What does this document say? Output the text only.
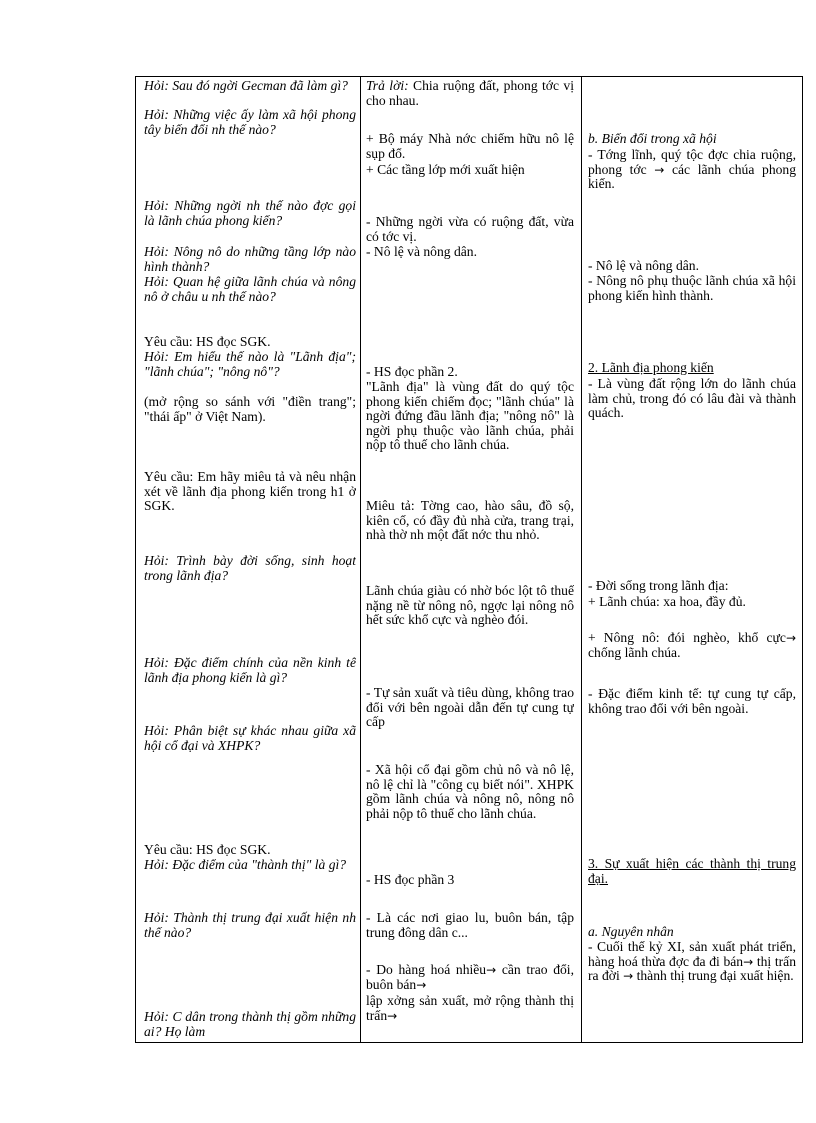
Hỏi: Sau đó ngời Gecman đã làm gì?
Hỏi: Những việc ấy làm xã hội phong tây biến đổi nh thế nào?
Hỏi: Những ngời nh thế nào đợc gọi là lãnh chúa phong kiến?
Hỏi: Nông nô do những tầng lớp nào hình thành?
Hỏi: Quan hệ giữa lãnh chúa và nông nô ở châu u nh thế nào?
Yêu cầu: HS đọc SGK.
Hỏi: Em hiểu thế nào là "Lãnh địa"; "lãnh chúa"; "nông nô"?
(mở rộng so sánh với "điền trang"; "thái ấp" ở Việt Nam).
Yêu cầu: Em hãy miêu tả và nêu nhận xét về lãnh địa phong kiến trong h1 ở SGK.
Hỏi: Trình bày đời sống, sinh hoạt trong lãnh địa?
Hỏi: Đặc điểm chính của nền kinh tế lãnh địa phong kiến là gì?
Hỏi: Phân biệt sự khác nhau giữa xã hội cổ đại và XHPK?
Yêu cầu: HS đọc SGK.
Hỏi: Đặc điểm của "thành thị" là gì?
Hỏi: Thành thị trung đại xuất hiện nh thế nào?
Hỏi: C dân trong thành thị gồm những ai? Họ làm
Trả lời: Chia ruộng đất, phong tớc vị cho nhau.
+ Bộ máy Nhà nớc chiếm hữu nô lệ sụp đổ.
+ Các tầng lớp mới xuất hiện
- Những ngời vừa có ruộng đất, vừa có tớc vị.
- Nô lệ và nông dân.
- HS đọc phần 2.
"Lãnh địa" là vùng đất do quý tộc phong kiến chiếm đọc; "lãnh chúa" là ngời đứng đầu lãnh địa; "nông nô" là ngời phụ thuộc vào lãnh chúa, phải nộp tô thuế cho lãnh chúa.
Miêu tả: Tờng cao, hào sâu, đồ sộ, kiên cố, có đầy đủ nhà cửa, trang trại, nhà thờ nh một đất nớc thu nhỏ.
Lãnh chúa giàu có nhờ bóc lột tô thuế nặng nề từ nông nô, ngợc lại nông nô hết sức khổ cực và nghèo đói.
- Tự sản xuất và tiêu dùng, không trao đổi với bên ngoài dẫn đến tự cung tự cấp
- Xã hội cổ đại gồm chủ nô và nô lệ, nô lệ chỉ là "công cụ biết nói". XHPK gồm lãnh chúa và nông nô, nông nô phải nộp tô thuế cho lãnh chúa.
- HS đọc phần 3
- Là các nơi giao lu, buôn bán, tập trung đông dân c...
- Do hàng hoá nhiều→ cần trao đổi, buôn bán→
lập xởng sản xuất, mở rộng thành thị trấn→
b. Biến đổi trong xã hội
- Tớng lĩnh, quý tộc đợc chia ruộng, phong tớc → các lãnh chúa phong kiến.
- Nô lệ và nông dân.
- Nông nô phụ thuộc lãnh chúa xã hội phong kiến hình thành.
2. Lãnh địa phong kiến
- Là vùng đất rộng lớn do lãnh chúa làm chủ, trong đó có lâu đài và thành quách.
- Đời sống trong lãnh địa:
+ Lãnh chúa: xa hoa, đầy đủ.
+ Nông nô: đói nghèo, khổ cực→ chống lãnh chúa.
- Đặc điểm kinh tế: tự cung tự cấp, không trao đổi với bên ngoài.
3. Sự xuất hiện các thành thị trung đại.
a. Nguyên nhân
- Cuối thế kỷ XI, sản xuất phát triển, hàng hoá thừa đợc đa đi bán→ thị trấn ra đời → thành thị trung đại xuất hiện.
